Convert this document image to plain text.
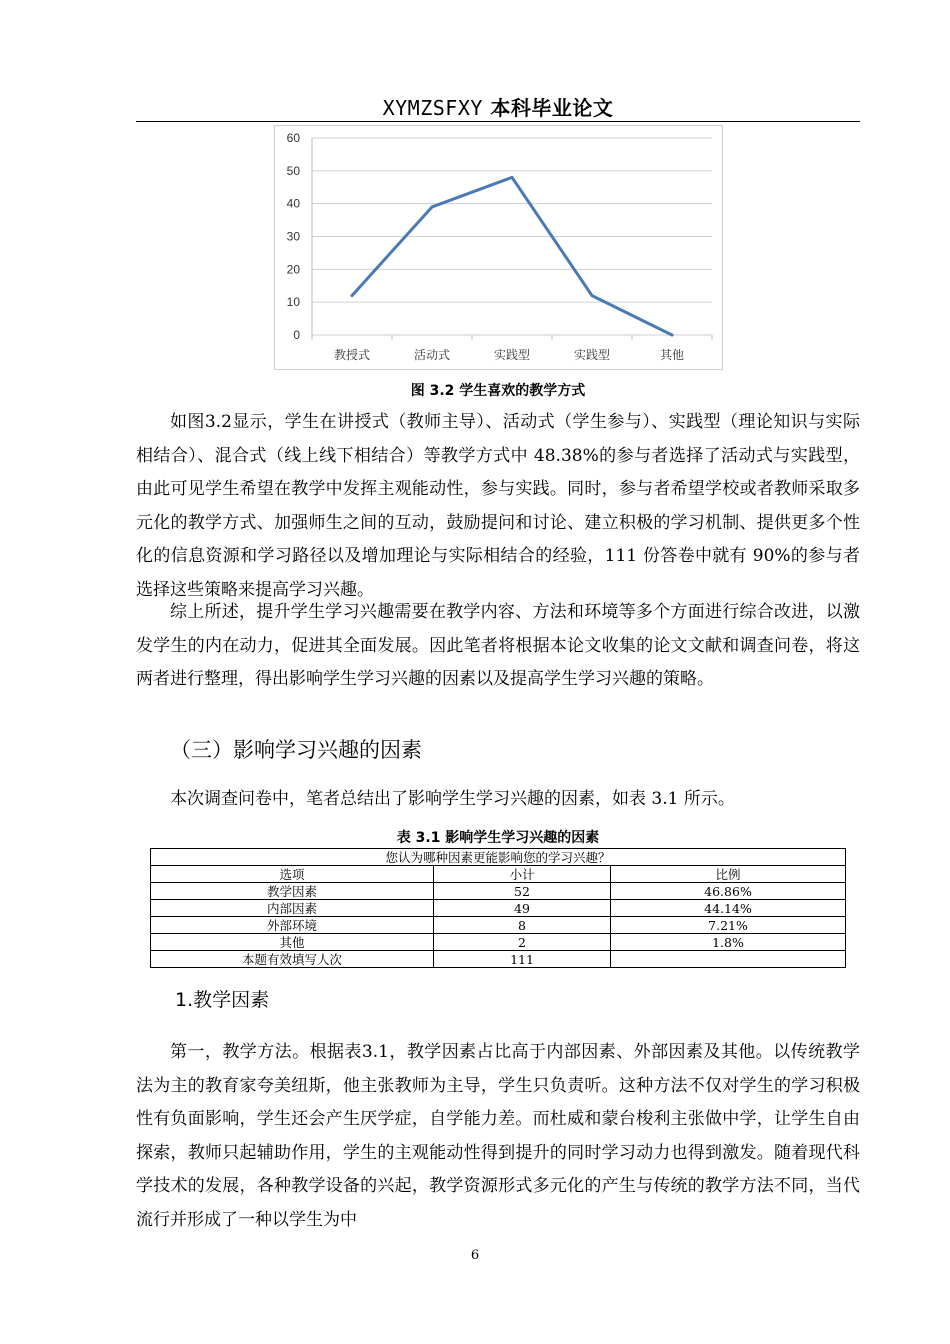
XYMZSFXY 本科毕业论文
0
10
20
30
40
50
60
教授式	活动式	实践型	实践型	其他
图 3.2 学生喜欢的教学方式

如图3.2显示，学生在讲授式（教师主导）、活动式（学生参与）、实践型（理论知识与实际相结合）、混合式（线上线下相结合）等教学方式中 48.38%的参与者选择了活动式与实践型，由此可见学生希望在教学中发挥主观能动性，参与实践。同时，参与者希望学校或者教师采取多元化的教学方式、加强师生之间的互动，鼓励提问和讨论、建立积极的学习机制、提供更多个性化的信息资源和学习路径以及增加理论与实际相结合的经验，111 份答卷中就有 90%的参与者选择这些策略来提高学习兴趣。

综上所述，提升学生学习兴趣需要在教学内容、方法和环境等多个方面进行综合改进，以激发学生的内在动力，促进其全面发展。因此笔者将根据本论文收集的论文文献和调查问卷，将这两者进行整理，得出影响学生学习兴趣的因素以及提高学生学习兴趣的策略。

（三）影响学习兴趣的因素

本次调查问卷中，笔者总结出了影响学生学习兴趣的因素，如表 3.1 所示。

表 3.1 影响学生学习兴趣的因素
您认为哪种因素更能影响您的学习兴趣？		
选项	小计	比例
教学因素	52	46.86%
内部因素	49	44.14%
外部环境	8	7.21%
其他	2	1.8%
本题有效填写人次	111	
1.教学因素

第一，教学方法。根据表3.1，教学因素占比高于内部因素、外部因素及其他。以传统教学法为主的教育家夸美纽斯，他主张教师为主导，学生只负责听。这种方法不仅对学生的学习积极性有负面影响，学生还会产生厌学症，自学能力差。而杜威和蒙台梭利主张做中学，让学生自由探索，教师只起辅助作用，学生的主观能动性得到提升的同时学习动力也得到激发。随着现代科学技术的发展，各种教学设备的兴起，教学资源形式多元化的产生与传统的教学方法不同，当代流行并形成了一种以学生为中

6
